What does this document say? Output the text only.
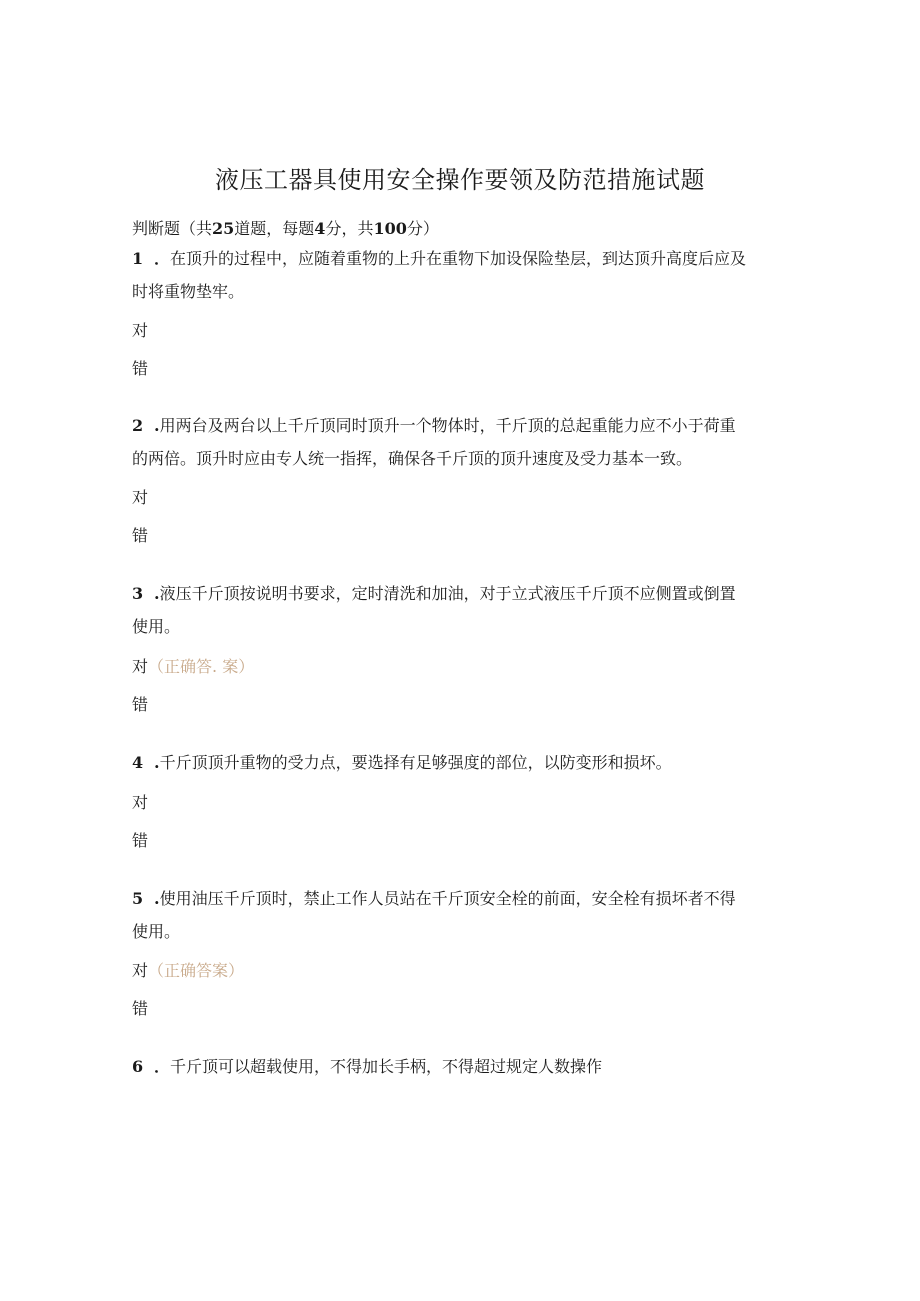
液压工器具使用安全操作要领及防范措施试题
判断题（共25道题，每题4分，共100分）
1 ．在顶升的过程中，应随着重物的上升在重物下加设保险垫层，到达顶升高度后应及
时将重物垫牢。
对
错
2 .用两台及两台以上千斤顶同时顶升一个物体时，千斤顶的总起重能力应不小于荷重
的两倍。顶升时应由专人统一指挥，确保各千斤顶的顶升速度及受力基本一致。
对
错
3 .液压千斤顶按说明书要求，定时清洗和加油，对于立式液压千斤顶不应侧置或倒置
使用。
对（正确答. 案）
错
4 .千斤顶顶升重物的受力点，要选择有足够强度的部位，以防变形和损坏。
对
错
5 .使用油压千斤顶时，禁止工作人员站在千斤顶安全栓的前面，安全栓有损坏者不得
使用。
对（正确答案）
错
6 ．千斤顶可以超载使用，不得加长手柄，不得超过规定人数操作
